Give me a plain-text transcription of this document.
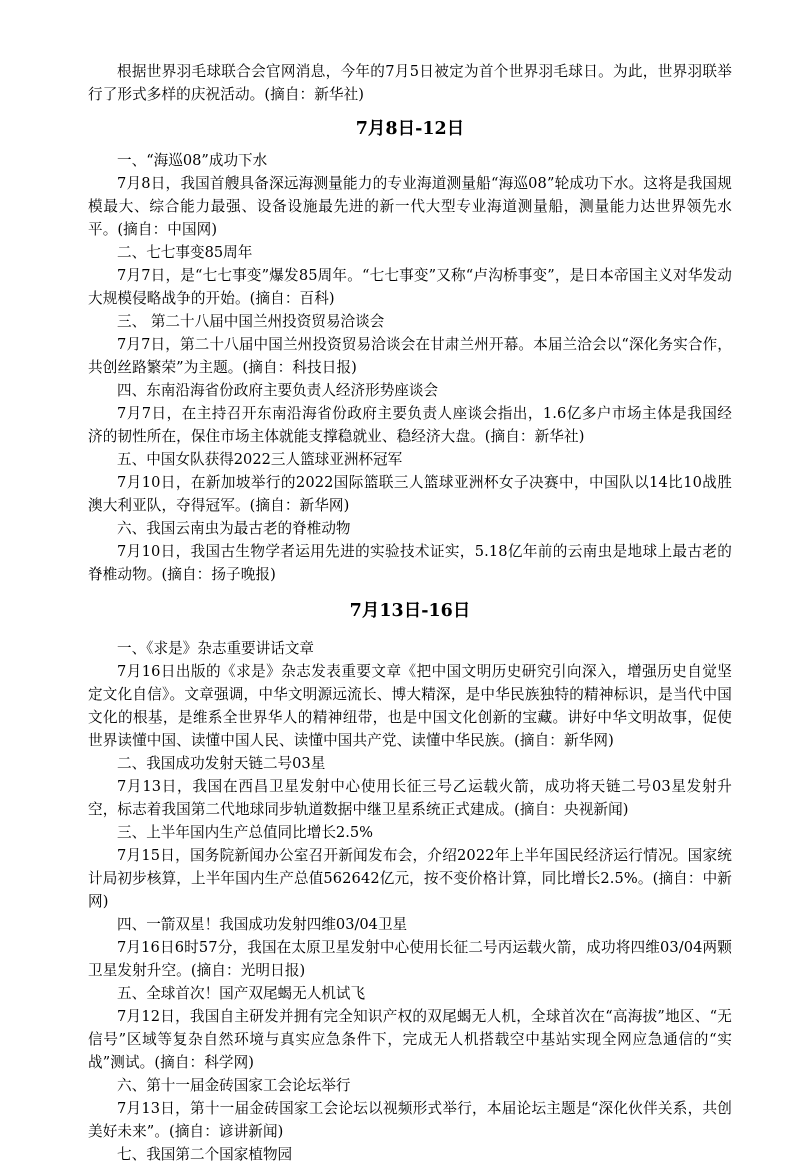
根据世界羽毛球联合会官网消息，今年的7月5日被定为首个世界羽毛球日。为此，世界羽联举行了形式多样的庆祝活动。(摘自：新华社)

7月8日-12日

一、“海巡08”成功下水

7月8日，我国首艘具备深远海测量能力的专业海道测量船“海巡08”轮成功下水。这将是我国规模最大、综合能力最强、设备设施最先进的新一代大型专业海道测量船，测量能力达世界领先水平。(摘自：中国网)

二、七七事变85周年

7月7日，是“七七事变”爆发85周年。“七七事变”又称“卢沟桥事变”，是日本帝国主义对华发动大规模侵略战争的开始。(摘自：百科)

三、 第二十八届中国兰州投资贸易洽谈会

7月7日，第二十八届中国兰州投资贸易洽谈会在甘肃兰州开幕。本届兰洽会以“深化务实合作，共创丝路繁荣”为主题。(摘自：科技日报)

四、东南沿海省份政府主要负责人经济形势座谈会

7月7日，在主持召开东南沿海省份政府主要负责人座谈会指出，1.6亿多户市场主体是我国经济的韧性所在，保住市场主体就能支撑稳就业、稳经济大盘。(摘自：新华社)

五、中国女队获得2022三人篮球亚洲杯冠军

7月10日，在新加坡举行的2022国际篮联三人篮球亚洲杯女子决赛中，中国队以14比10战胜澳大利亚队，夺得冠军。(摘自：新华网)

六、我国云南虫为最古老的脊椎动物

7月10日，我国古生物学者运用先进的实验技术证实，5.18亿年前的云南虫是地球上最古老的脊椎动物。(摘自：扬子晚报)

7月13日-16日

一、《求是》杂志重要讲话文章

7月16日出版的《求是》杂志发表重要文章《把中国文明历史研究引向深入，增强历史自觉坚定文化自信》。文章强调，中华文明源远流长、博大精深，是中华民族独特的精神标识，是当代中国文化的根基，是维系全世界华人的精神纽带，也是中国文化创新的宝藏。讲好中华文明故事，促使世界读懂中国、读懂中国人民、读懂中国共产党、读懂中华民族。(摘自：新华网)

二、我国成功发射天链二号03星

7月13日，我国在西昌卫星发射中心使用长征三号乙运载火箭，成功将天链二号03星发射升空，标志着我国第二代地球同步轨道数据中继卫星系统正式建成。(摘自：央视新闻)

三、上半年国内生产总值同比增长2.5%

7月15日，国务院新闻办公室召开新闻发布会，介绍2022年上半年国民经济运行情况。国家统计局初步核算，上半年国内生产总值562642亿元，按不变价格计算，同比增长2.5%。(摘自：中新网)

四、一箭双星！我国成功发射四维03/04卫星

7月16日6时57分，我国在太原卫星发射中心使用长征二号丙运载火箭，成功将四维03/04两颗卫星发射升空。(摘自：光明日报)

五、全球首次！国产双尾蝎无人机试飞

7月12日，我国自主研发并拥有完全知识产权的双尾蝎无人机，全球首次在“高海拔”地区、“无信号”区域等复杂自然环境与真实应急条件下，完成无人机搭载空中基站实现全网应急通信的“实战”测试。(摘自：科学网)

六、第十一届金砖国家工会论坛举行

7月13日，第十一届金砖国家工会论坛以视频形式举行，本届论坛主题是“深化伙伴关系，共创美好未来”。(摘自：谚讲新闻)

七、我国第二个国家植物园
